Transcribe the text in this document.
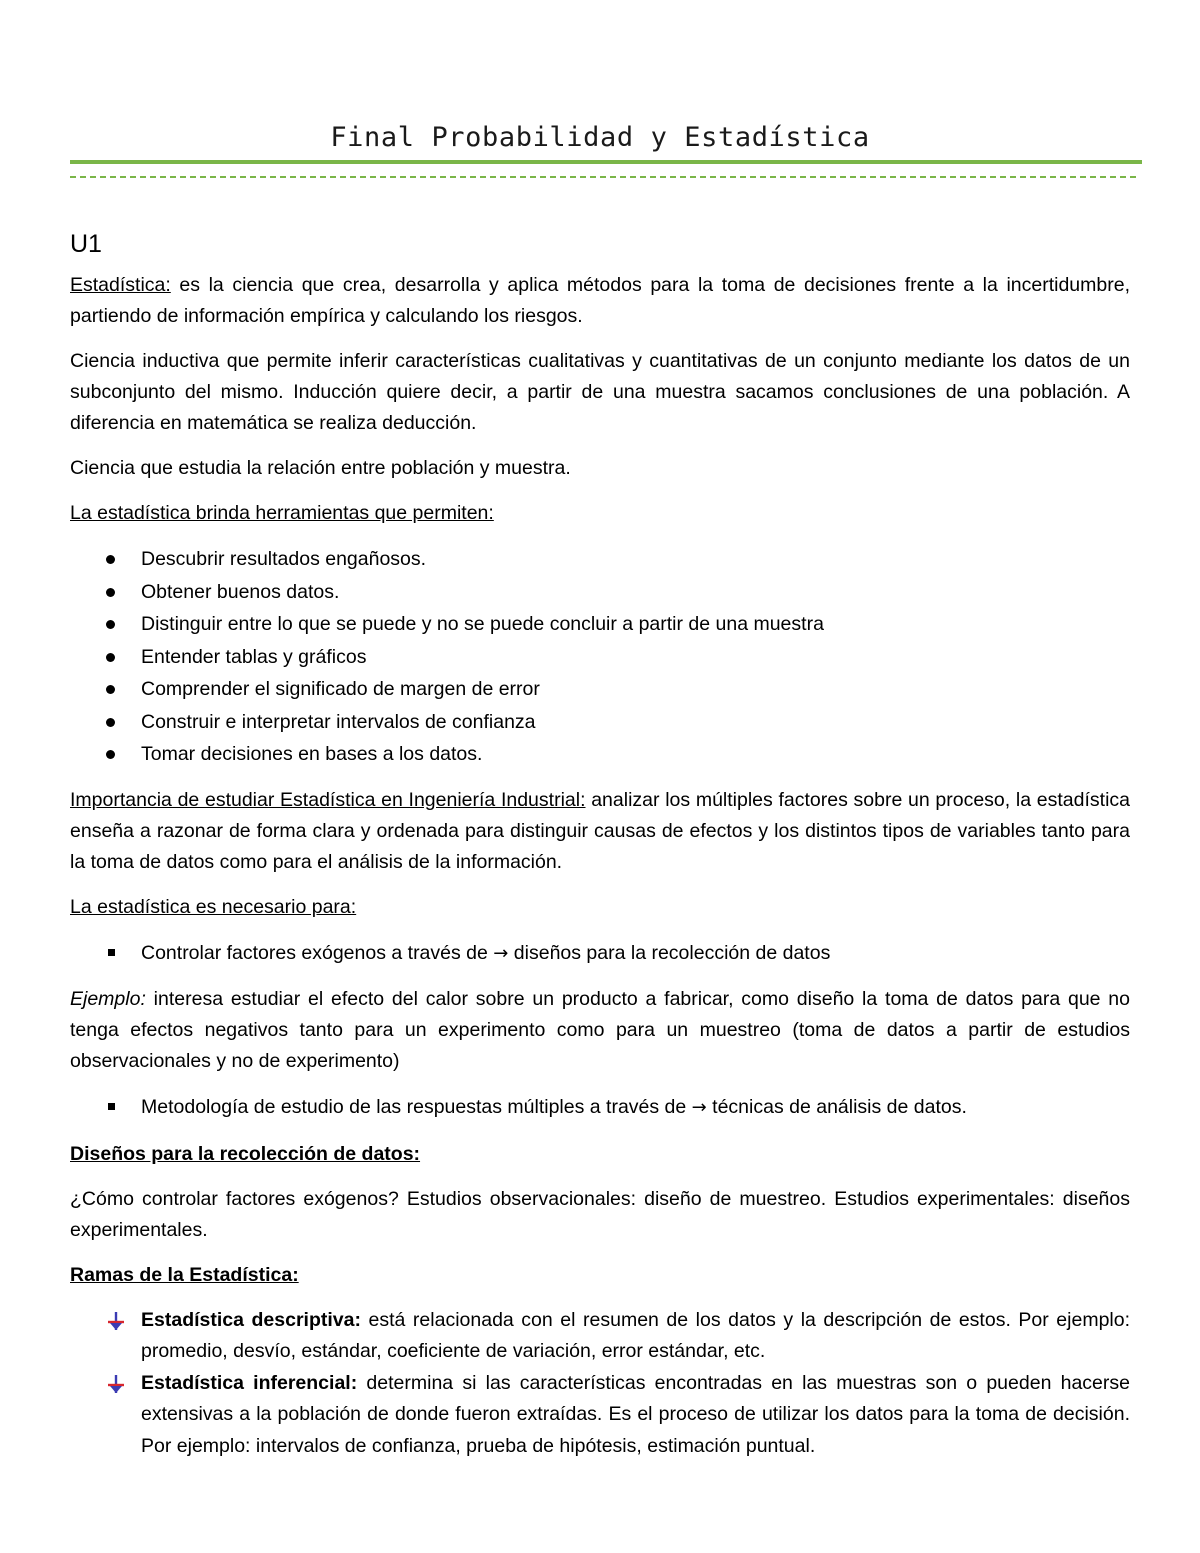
Final Probabilidad y Estadística
U1

Estadística: es la ciencia que crea, desarrolla y aplica métodos para la toma de decisiones frente a la incertidumbre, partiendo de información empírica y calculando los riesgos.

Ciencia inductiva que permite inferir características cualitativas y cuantitativas de un conjunto mediante los datos de un subconjunto del mismo. Inducción quiere decir, a partir de una muestra sacamos conclusiones de una población. A diferencia en matemática se realiza deducción.

Ciencia que estudia la relación entre población y muestra.

La estadística brinda herramientas que permiten:

Descubrir resultados engañosos.
Obtener buenos datos.
Distinguir entre lo que se puede y no se puede concluir a partir de una muestra
Entender tablas y gráficos
Comprender el significado de margen de error
Construir e interpretar intervalos de confianza
Tomar decisiones en bases a los datos.

Importancia de estudiar Estadística en Ingeniería Industrial: analizar los múltiples factores sobre un proceso, la estadística enseña a razonar de forma clara y ordenada para distinguir causas de efectos y los distintos tipos de variables tanto para la toma de datos como para el análisis de la información.

La estadística es necesario para:

Controlar factores exógenos a través de → diseños para la recolección de datos

Ejemplo: interesa estudiar el efecto del calor sobre un producto a fabricar, como diseño la toma de datos para que no tenga efectos negativos tanto para un experimento como para un muestreo (toma de datos a partir de estudios observacionales y no de experimento)

Metodología de estudio de las respuestas múltiples a través de → técnicas de análisis de datos.

Diseños para la recolección de datos:

¿Cómo controlar factores exógenos? Estudios observacionales: diseño de muestreo. Estudios experimentales: diseños experimentales.

Ramas de la Estadística:

Estadística descriptiva: está relacionada con el resumen de los datos y la descripción de estos. Por ejemplo: promedio, desvío, estándar, coeficiente de variación, error estándar, etc.
Estadística inferencial: determina si las características encontradas en las muestras son o pueden hacerse extensivas a la población de donde fueron extraídas. Es el proceso de utilizar los datos para la toma de decisión. Por ejemplo: intervalos de confianza, prueba de hipótesis, estimación puntual.
